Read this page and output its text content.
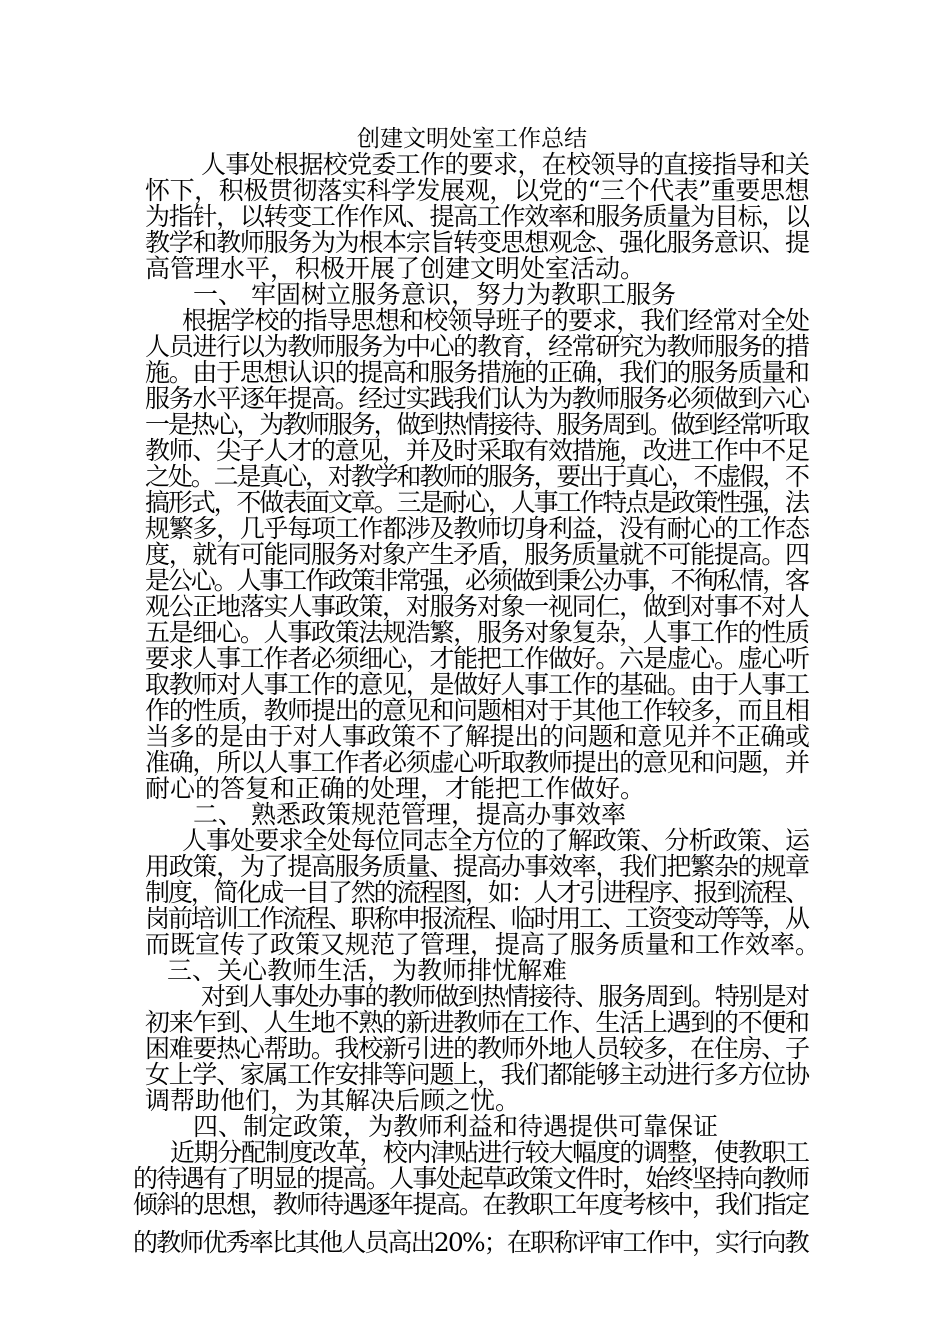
创建文明处室工作总结
人事处根据校党委工作的要求，在校领导的直接指导和关
怀下，积极贯彻落实科学发展观，以党的“三个代表”重要思想
为指针，以转变工作作风、提高工作效率和服务质量为目标，以
教学和教师服务为为根本宗旨转变思想观念、强化服务意识、提
高管理水平，积极开展了创建文明处室活动。
一、 牢固树立服务意识，努力为教职工服务
根据学校的指导思想和校领导班子的要求，我们经常对全处
人员进行以为教师服务为中心的教育，经常研究为教师服务的措
施。由于思想认识的提高和服务措施的正确，我们的服务质量和
服务水平逐年提高。经过实践我们认为为教师服务必须做到六心
一是热心，为教师服务，做到热情接待、服务周到。做到经常听取
教师、尖子人才的意见，并及时采取有效措施，改进工作中不足
之处。二是真心，对教学和教师的服务，要出于真心，不虚假，不
搞形式，不做表面文章。三是耐心，人事工作特点是政策性强，法
规繁多，几乎每项工作都涉及教师切身利益，没有耐心的工作态
度，就有可能同服务对象产生矛盾，服务质量就不可能提高。四
是公心。人事工作政策非常强，必须做到秉公办事，不徇私情，客
观公正地落实人事政策，对服务对象一视同仁，做到对事不对人
五是细心。人事政策法规浩繁，服务对象复杂，人事工作的性质
要求人事工作者必须细心，才能把工作做好。六是虚心。虚心听
取教师对人事工作的意见，是做好人事工作的基础。由于人事工
作的性质，教师提出的意见和问题相对于其他工作较多，而且相
当多的是由于对人事政策不了解提出的问题和意见并不正确或
准确，所以人事工作者必须虚心听取教师提出的意见和问题，并
耐心的答复和正确的处理，才能把工作做好。
二、 熟悉政策规范管理，提高办事效率
人事处要求全处每位同志全方位的了解政策、分析政策、运
用政策，为了提高服务质量、提高办事效率，我们把繁杂的规章
制度，简化成一目了然的流程图，如：人才引进程序、报到流程、
岗前培训工作流程、职称申报流程、临时用工、工资变动等等，从
而既宣传了政策又规范了管理，提高了服务质量和工作效率。
三、关心教师生活，为教师排忧解难
对到人事处办事的教师做到热情接待、服务周到。特别是对
初来乍到、人生地不熟的新进教师在工作、生活上遇到的不便和
困难要热心帮助。我校新引进的教师外地人员较多，在住房、子
女上学、家属工作安排等问题上，我们都能够主动进行多方位协
调帮助他们，为其解决后顾之忧。
四、制定政策，为教师利益和待遇提供可靠保证
近期分配制度改革，校内津贴进行较大幅度的调整，使教职工
的待遇有了明显的提高。人事处起草政策文件时，始终坚持向教师
倾斜的思想，教师待遇逐年提高。在教职工年度考核中，我们指定
的教师优秀率比其他人员高出20%；在职称评审工作中，实行向教
